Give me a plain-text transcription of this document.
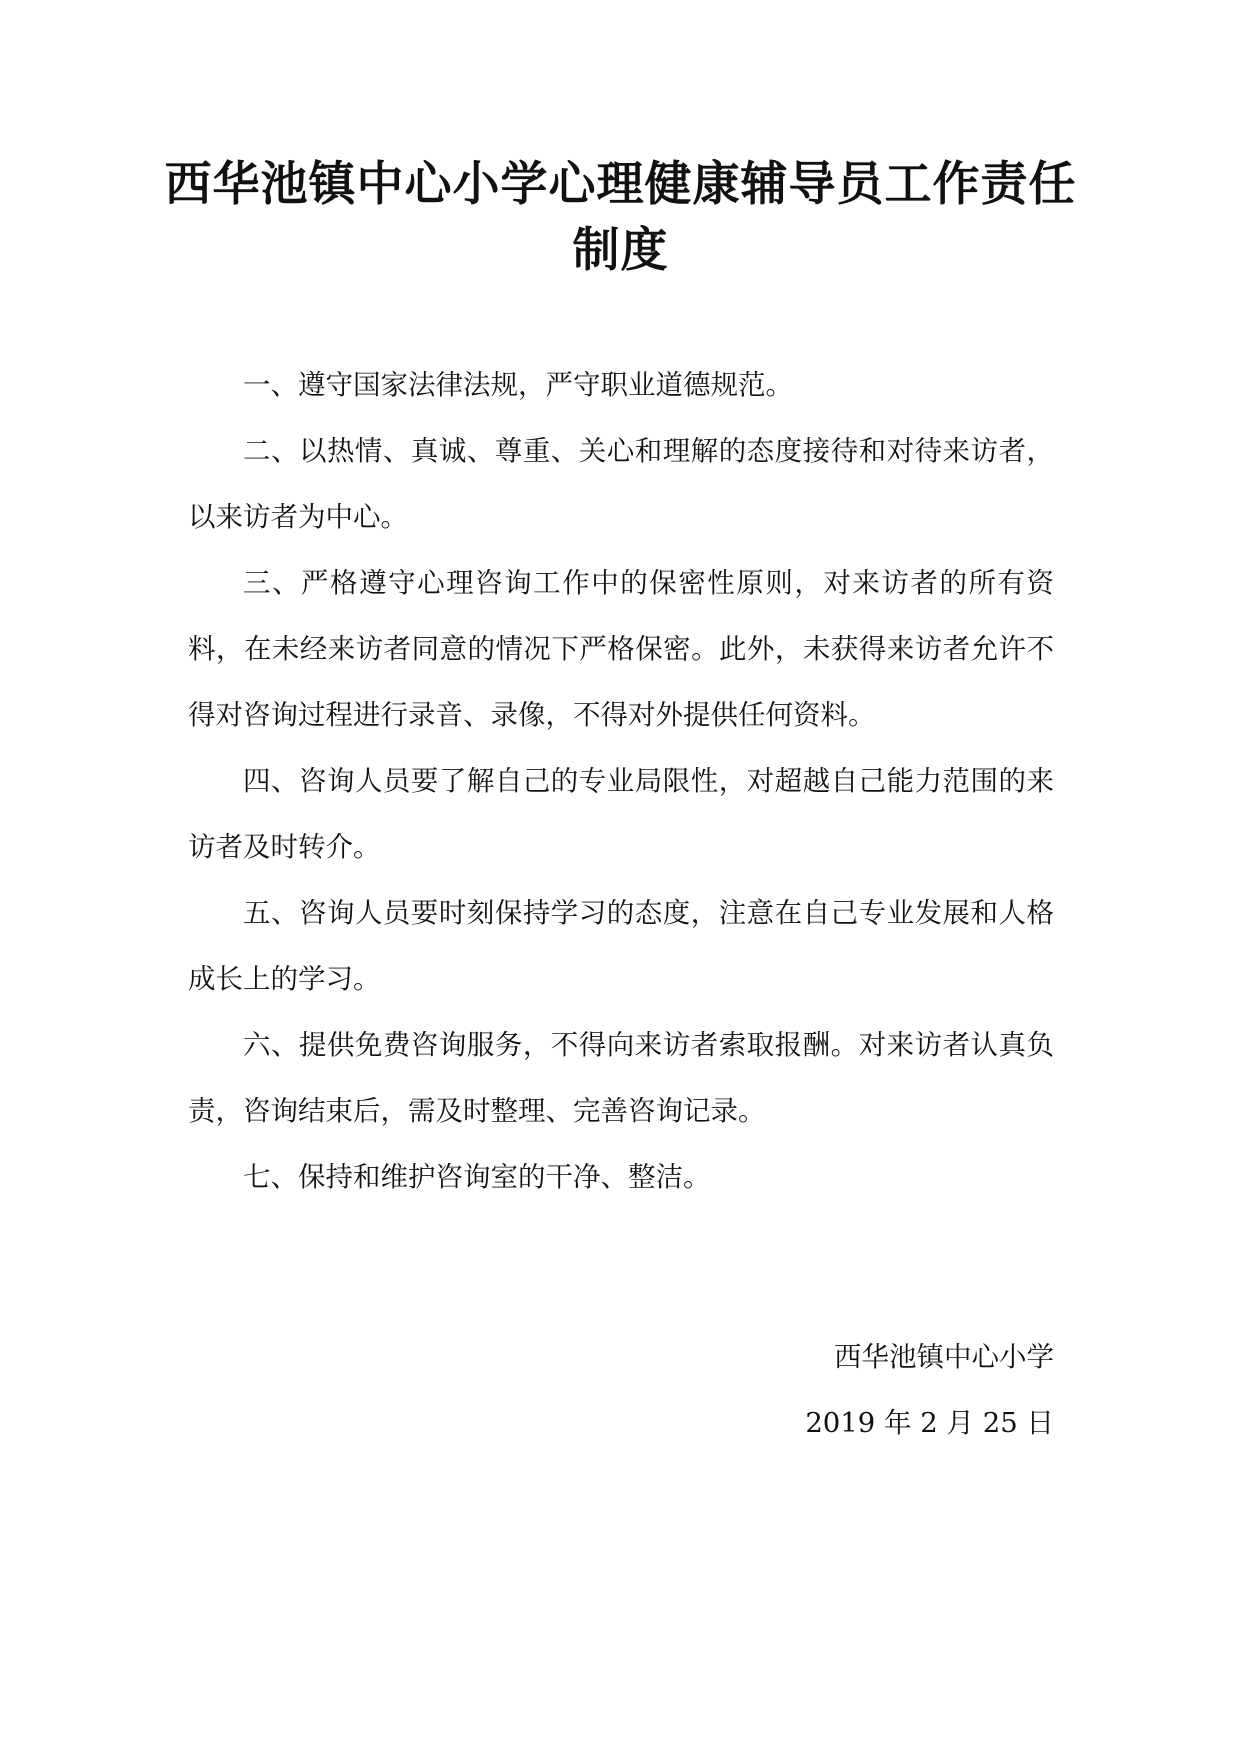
西华池镇中心小学心理健康辅导员工作责任制度

一、遵守国家法律法规，严守职业道德规范。

二、以热情、真诚、尊重、关心和理解的态度接待和对待来访者，以来访者为中心。

三、严格遵守心理咨询工作中的保密性原则，对来访者的所有资料，在未经来访者同意的情况下严格保密。此外，未获得来访者允许不得对咨询过程进行录音、录像，不得对外提供任何资料。

四、咨询人员要了解自己的专业局限性，对超越自己能力范围的来访者及时转介。

五、咨询人员要时刻保持学习的态度，注意在自己专业发展和人格成长上的学习。

六、提供免费咨询服务，不得向来访者索取报酬。对来访者认真负责，咨询结束后，需及时整理、完善咨询记录。

七、保持和维护咨询室的干净、整洁。

西华池镇中心小学
2019 年 2 月 25 日
